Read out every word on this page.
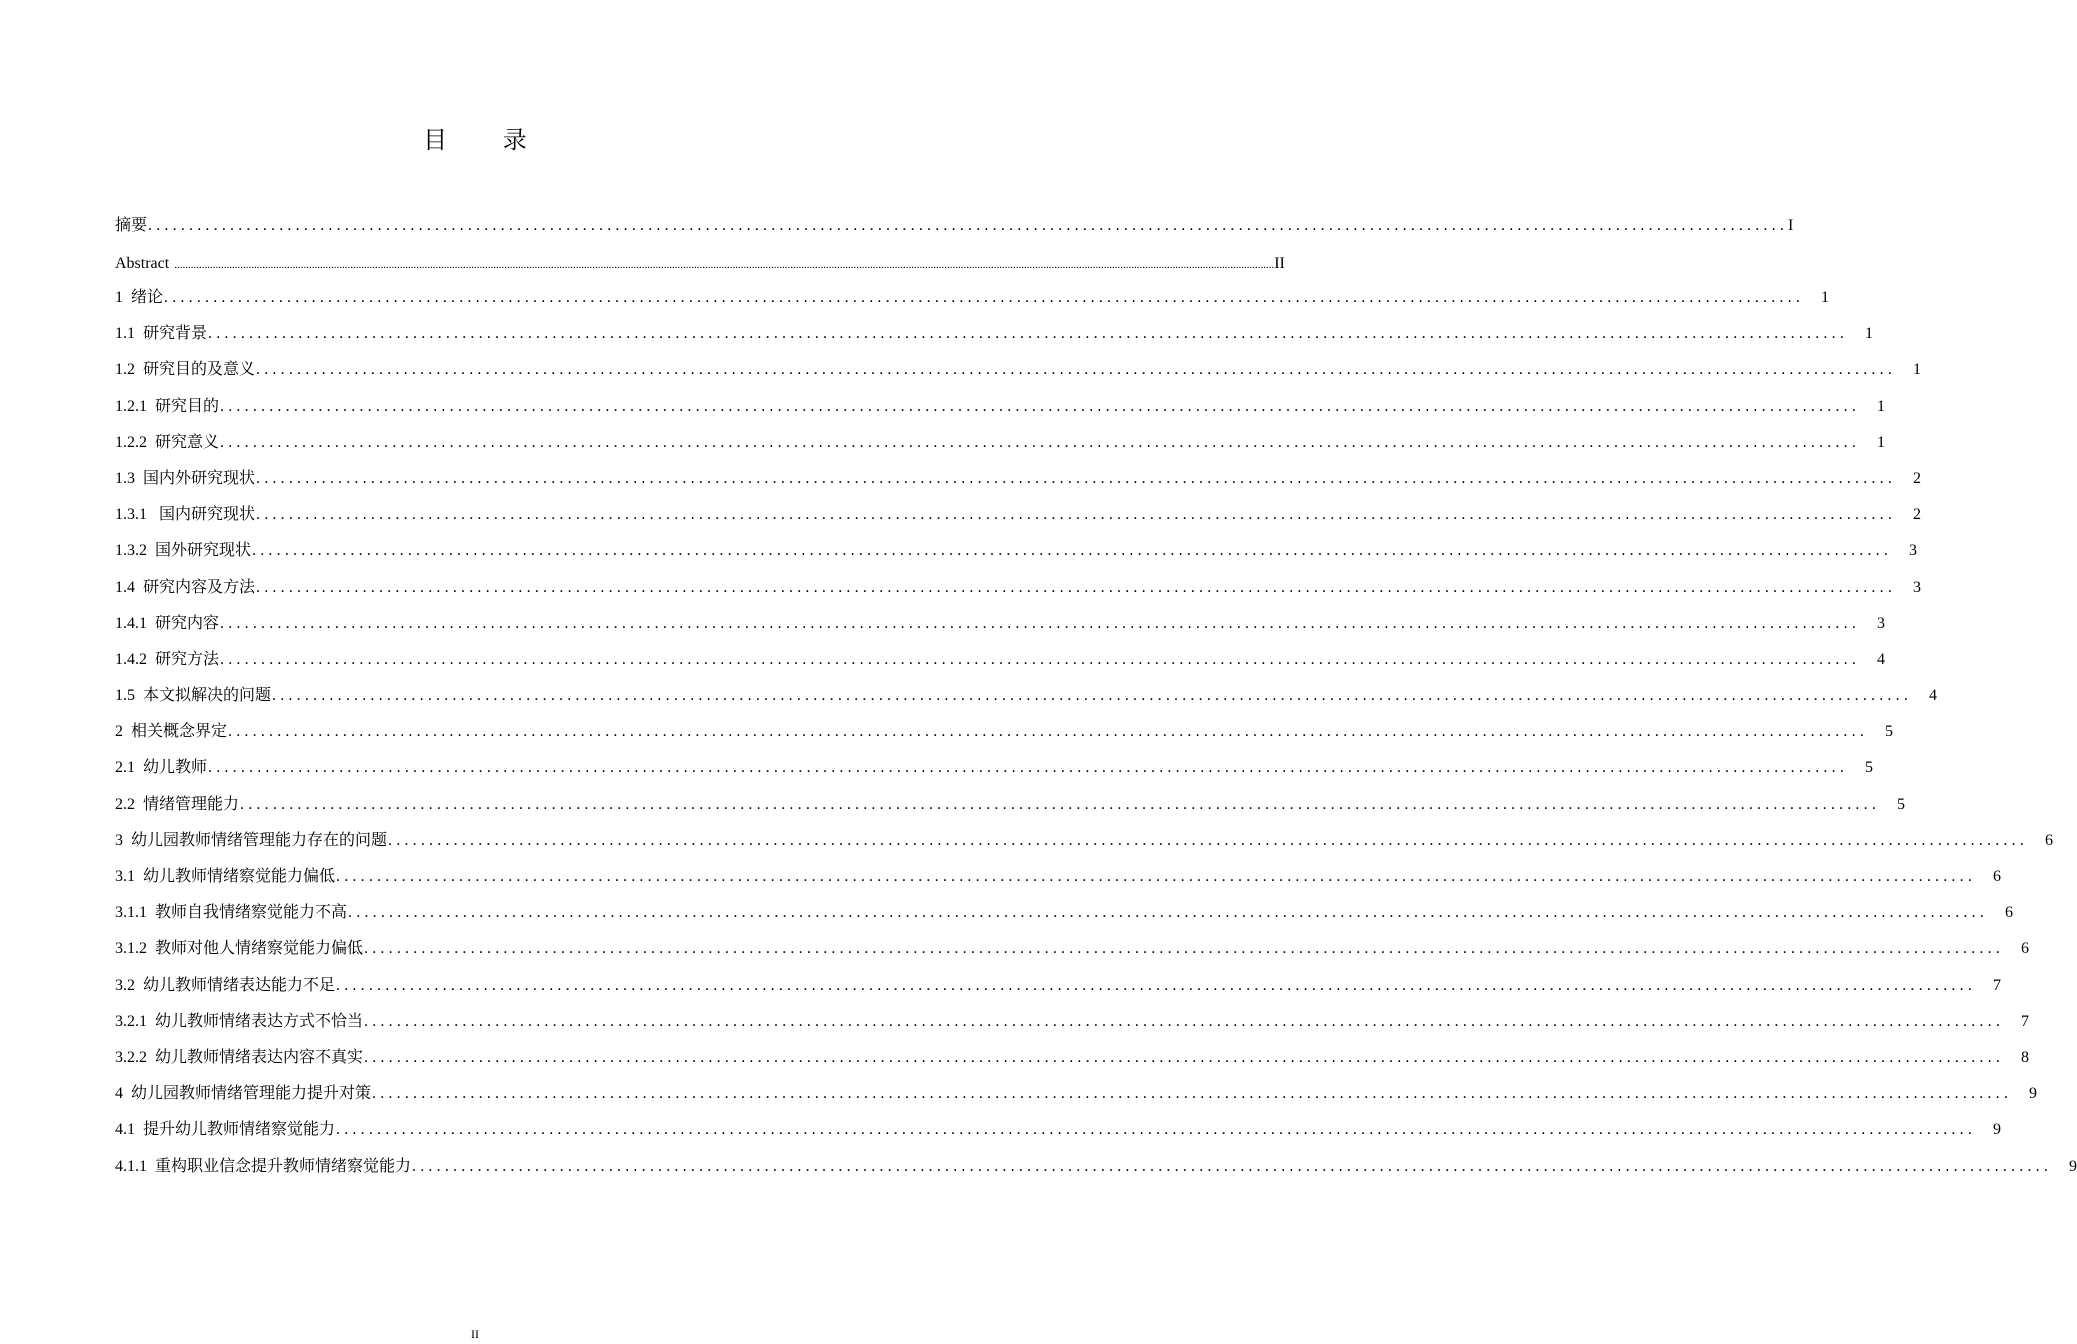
目 录
摘要 ........................................................................................................................................................................................................ I
Abstract ................................................................................................................................................................................................................................................................................................................................................................................................................ II
1  绪论 ........................................................................................................................................................................................................	1
1.1  研究背景 ........................................................................................................................................................................................................	1
1.2  研究目的及意义 ........................................................................................................................................................................................................	1
1.2.1  研究目的 ........................................................................................................................................................................................................	1
1.2.2  研究意义 ........................................................................................................................................................................................................	1
1.3  国内外研究现状 ........................................................................................................................................................................................................	2
1.3.1   国内研究现状 ........................................................................................................................................................................................................	2
1.3.2  国外研究现状 ........................................................................................................................................................................................................	3
1.4  研究内容及方法 ........................................................................................................................................................................................................	3
1.4.1  研究内容 ........................................................................................................................................................................................................	3
1.4.2  研究方法 ........................................................................................................................................................................................................	4
1.5  本文拟解决的问题 ........................................................................................................................................................................................................	4
2  相关概念界定 ........................................................................................................................................................................................................	5
2.1  幼儿教师 ........................................................................................................................................................................................................	5
2.2  情绪管理能力 ........................................................................................................................................................................................................	5
3  幼儿园教师情绪管理能力存在的问题 ........................................................................................................................................................................................................	6
3.1  幼儿教师情绪察觉能力偏低 ........................................................................................................................................................................................................	6
3.1.1  教师自我情绪察觉能力不高 ........................................................................................................................................................................................................	6
3.1.2  教师对他人情绪察觉能力偏低 ........................................................................................................................................................................................................	6
3.2  幼儿教师情绪表达能力不足 ........................................................................................................................................................................................................	7
3.2.1  幼儿教师情绪表达方式不恰当 ........................................................................................................................................................................................................	7
3.2.2  幼儿教师情绪表达内容不真实 ........................................................................................................................................................................................................	8
4  幼儿园教师情绪管理能力提升对策 ........................................................................................................................................................................................................	9
4.1  提升幼儿教师情绪察觉能力 ........................................................................................................................................................................................................	9
4.1.1  重构职业信念提升教师情绪察觉能力 ........................................................................................................................................................................................................	9
II
